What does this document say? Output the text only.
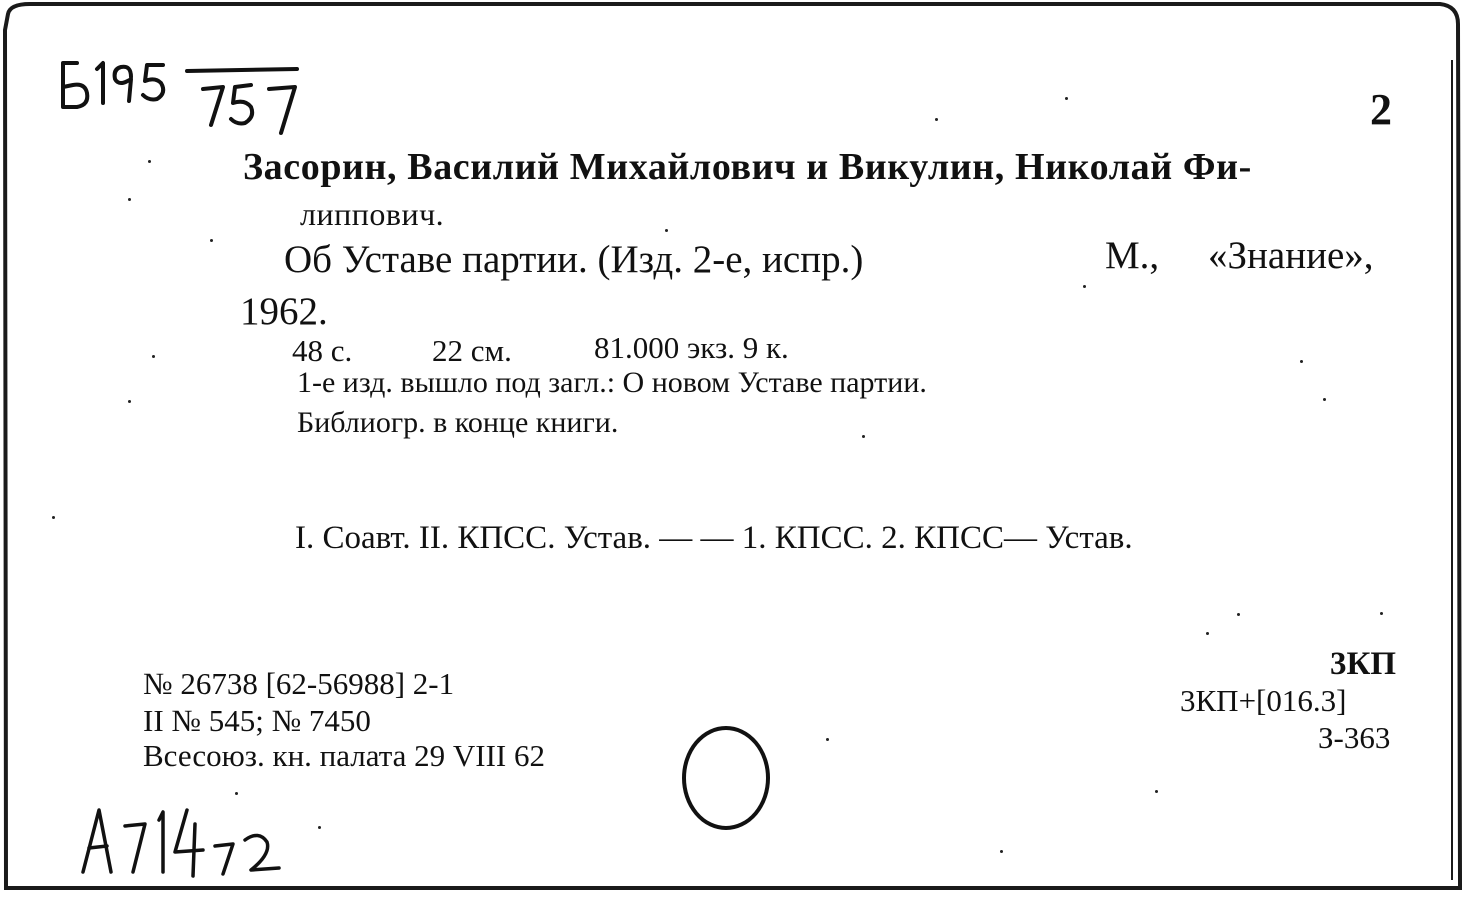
2
Засорин, Василий Михайлович и Викулин, Николай Фи-
липпович.
Об Уставе партии. (Изд. 2-е, испр.)	М., «Знание»,
1962.
48 с.	22 см.	81.000 экз. 9 к.
1-е изд. вышло под загл.: О новом Уставе партии.
Библиогр. в конце книги.
I. Соавт. II. КПСС. Устав. — — 1. КПСС. 2. КПСС— Устав.
№ 26738 [62-56988] 2-1
II № 545; № 7450
Всесоюз. кн. палата 29 VIII 62
3КП
3КП+[016.3]
З-363
